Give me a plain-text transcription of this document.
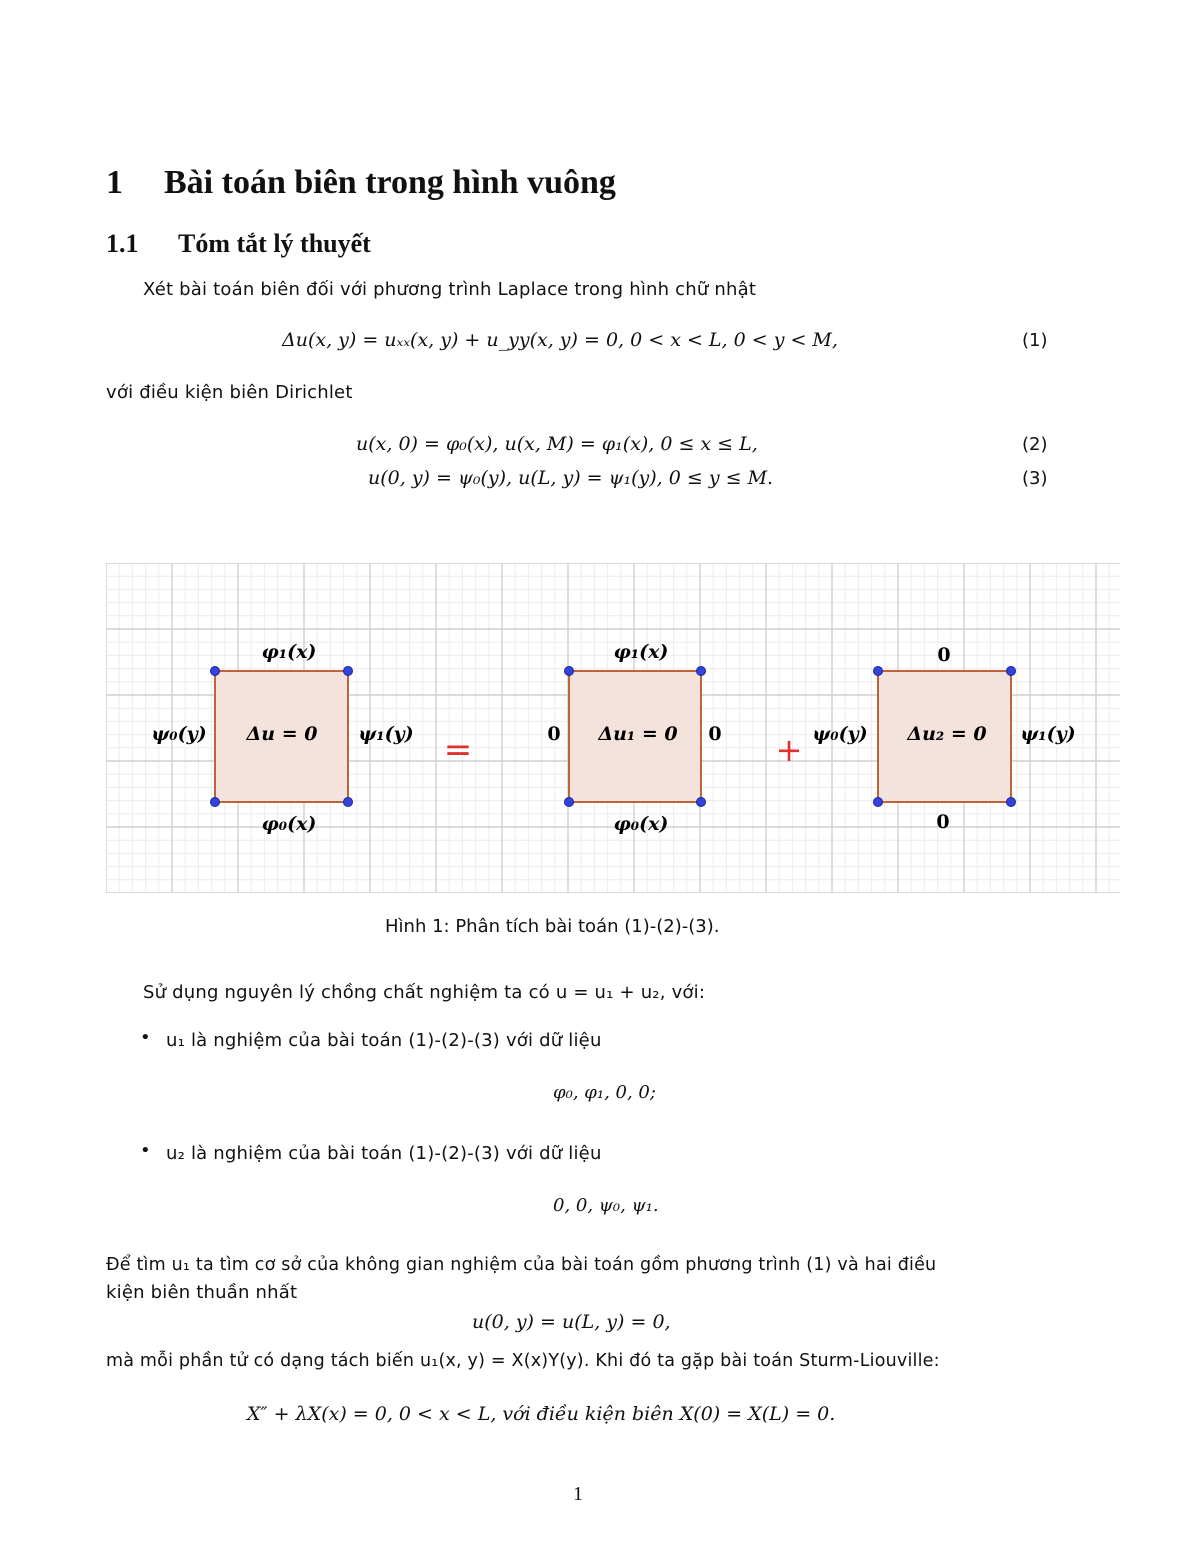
1 Bài toán biên trong hình vuông
1.1 Tóm tắt lý thuyết
Xét bài toán biên đối với phương trình Laplace trong hình chữ nhật
Δu(x, y) = uₓₓ(x, y) + u_yy(x, y) = 0, 0 < x < L, 0 < y < M,	(1)
với điều kiện biên Dirichlet
u(x, 0) = φ₀(x), u(x, M) = φ₁(x), 0 ≤ x ≤ L,	(2)
u(0, y) = ψ₀(y), u(L, y) = ψ₁(y), 0 ≤ y ≤ M.	(3)
φ₁(x)
φ₀(x)
ψ₀(y)	ψ₁(y)
Δu = 0	=
φ₁(x)
φ₀(x)
0	0
Δu₁ = 0	+
0
0
ψ₀(y)	ψ₁(y)
Δu₂ = 0
Hình 1: Phân tích bài toán (1)-(2)-(3).
Sử dụng nguyên lý chồng chất nghiệm ta có u = u₁ + u₂, với:
• u₁ là nghiệm của bài toán (1)-(2)-(3) với dữ liệu
φ₀, φ₁, 0, 0;
• u₂ là nghiệm của bài toán (1)-(2)-(3) với dữ liệu
0, 0, ψ₀, ψ₁.
Để tìm u₁ ta tìm cơ sở của không gian nghiệm của bài toán gồm phương trình (1) và hai điều
kiện biên thuần nhất
u(0, y) = u(L, y) = 0,
mà mỗi phần tử có dạng tách biến u₁(x, y) = X(x)Y(y). Khi đó ta gặp bài toán Sturm-Liouville:
X″ + λX(x) = 0, 0 < x < L, với điều kiện biên X(0) = X(L) = 0.
1
